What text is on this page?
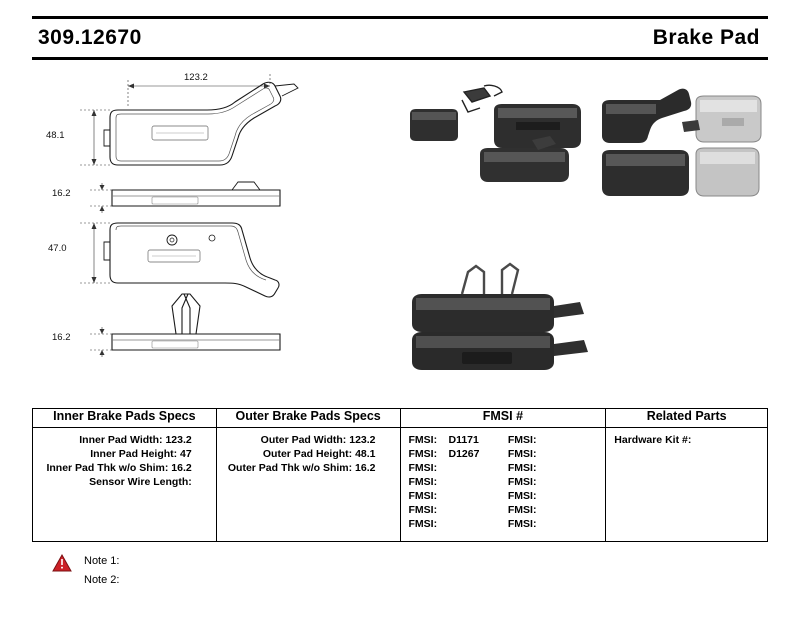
309.12670	Brake Pad
123.2
48.1
16.2
47.0
16.2
Inner Brake Pads Specs	Outer Brake Pads Specs	FMSI #	Related Parts

Inner Pad Width: 123.2
Inner Pad Height: 47
Inner Pad Thk w/o Shim: 16.2
Sensor Wire Length:

Outer Pad Width: 123.2
Outer Pad Height: 48.1
Outer Pad Thk w/o Shim: 16.2

FMSI: D1171
FMSI: D1267
FMSI:
FMSI:
FMSI:
FMSI:
FMSI:
FMSI:
FMSI:
FMSI:
FMSI:
FMSI:
FMSI:
FMSI:

Hardware Kit #:
Note 1:
Note 2:
